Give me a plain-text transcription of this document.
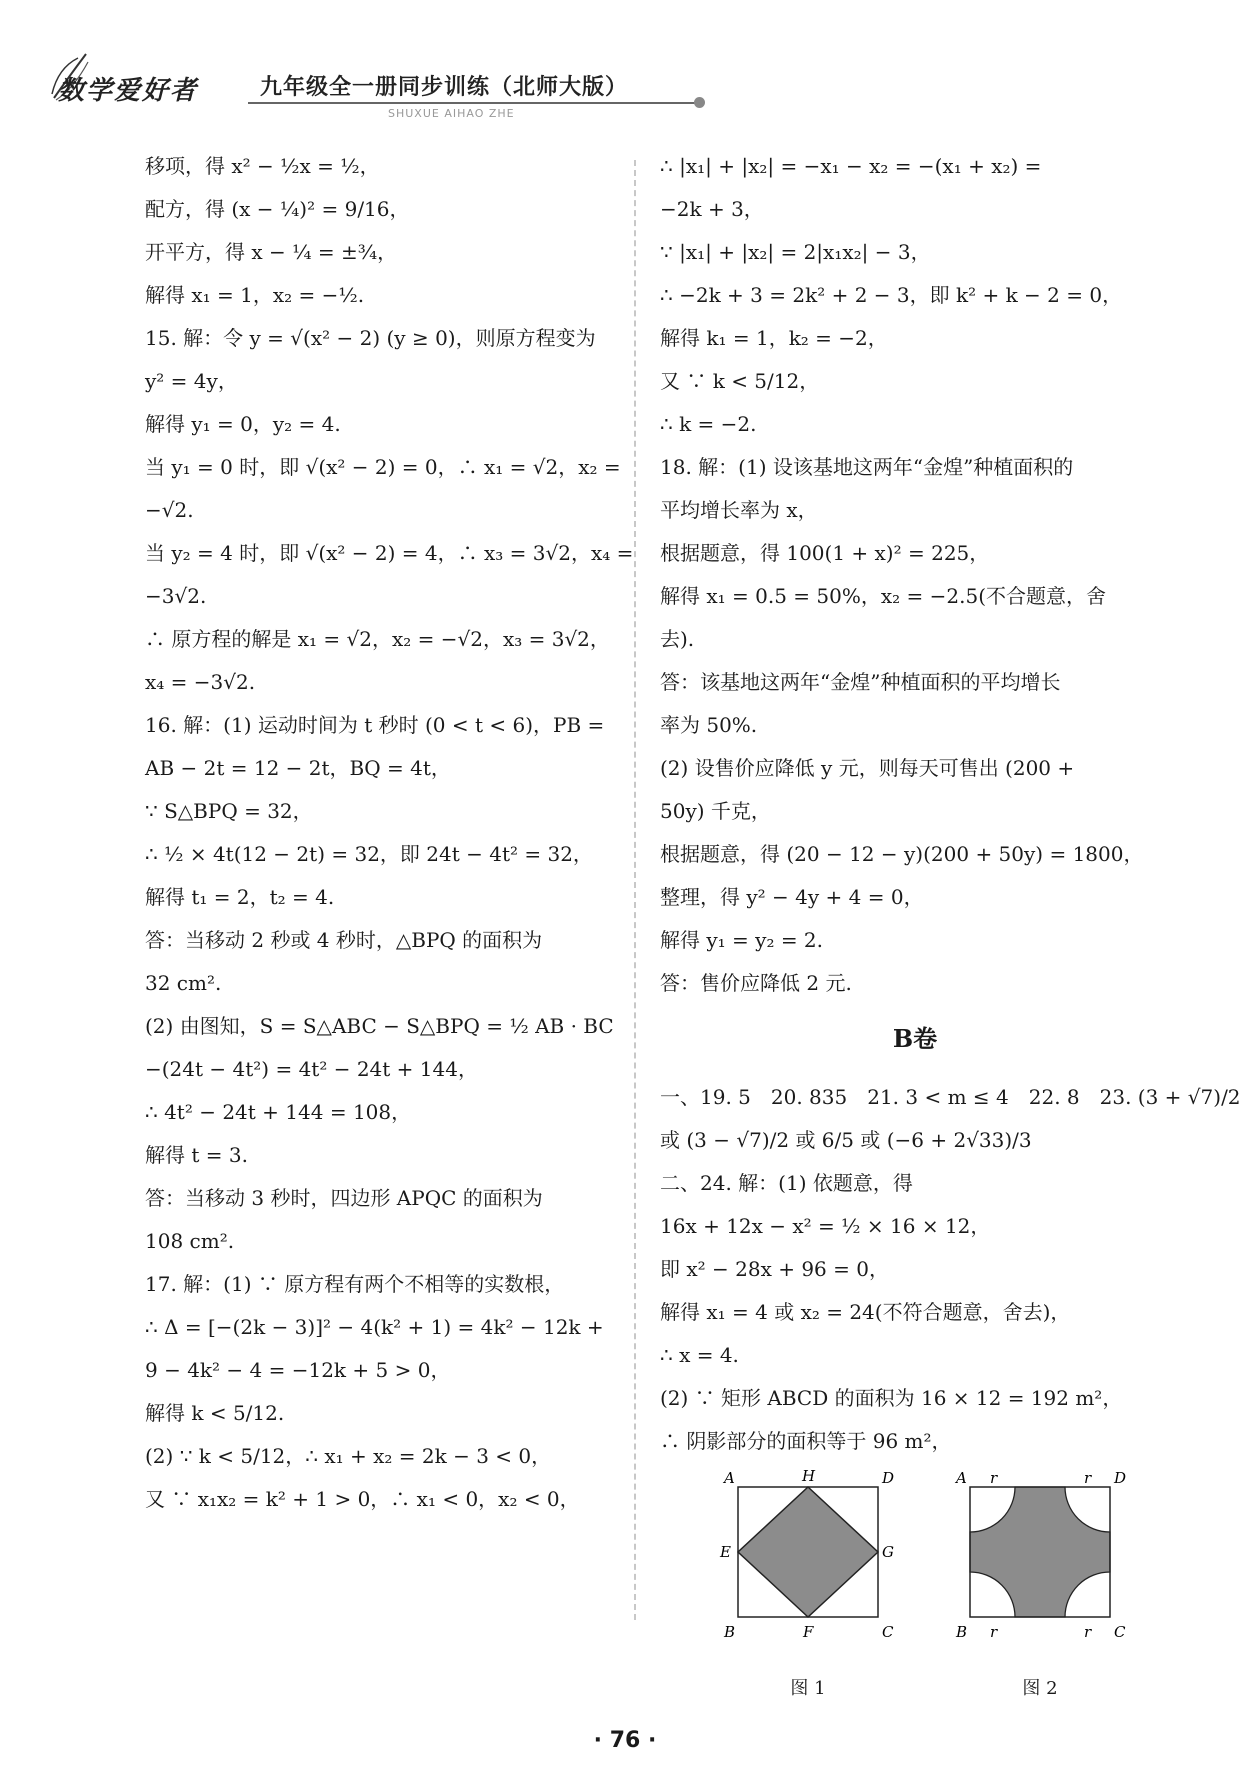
数学爱好者	九年级全一册同步训练（北师大版）
SHUXUE AIHAO ZHE
移项，得 x² − ½x = ½，
配方，得 (x − ¼)² = 9/16，
开平方，得 x − ¼ = ±¾，
解得 x₁ = 1，x₂ = −½.
15. 解：令 y = √(x² − 2) (y ≥ 0)，则原方程变为
y² = 4y，
解得 y₁ = 0，y₂ = 4.
当 y₁ = 0 时，即 √(x² − 2) = 0，∴ x₁ = √2，x₂ =
−√2.
当 y₂ = 4 时，即 √(x² − 2) = 4，∴ x₃ = 3√2，x₄ =
−3√2.
∴ 原方程的解是 x₁ = √2，x₂ = −√2，x₃ = 3√2，
x₄ = −3√2.
16. 解：(1) 运动时间为 t 秒时 (0 < t < 6)，PB =
AB − 2t = 12 − 2t，BQ = 4t，
∵ S△BPQ = 32，
∴ ½ × 4t(12 − 2t) = 32，即 24t − 4t² = 32，
解得 t₁ = 2，t₂ = 4.
答：当移动 2 秒或 4 秒时，△BPQ 的面积为
32 cm².
(2) 由图知，S = S△ABC − S△BPQ = ½ AB · BC
−(24t − 4t²) = 4t² − 24t + 144，
∴ 4t² − 24t + 144 = 108，
解得 t = 3.
答：当移动 3 秒时，四边形 APQC 的面积为
108 cm².
17. 解：(1) ∵ 原方程有两个不相等的实数根，
∴ Δ = [−(2k − 3)]² − 4(k² + 1) = 4k² − 12k +
9 − 4k² − 4 = −12k + 5 > 0，
解得 k < 5/12.
(2) ∵ k < 5/12，∴ x₁ + x₂ = 2k − 3 < 0，
又 ∵ x₁x₂ = k² + 1 > 0，∴ x₁ < 0，x₂ < 0，
∴ |x₁| + |x₂| = −x₁ − x₂ = −(x₁ + x₂) =
−2k + 3，
∵ |x₁| + |x₂| = 2|x₁x₂| − 3，
∴ −2k + 3 = 2k² + 2 − 3，即 k² + k − 2 = 0，
解得 k₁ = 1，k₂ = −2，
又 ∵ k < 5/12，
∴ k = −2.
18. 解：(1) 设该基地这两年“金煌”种植面积的
平均增长率为 x，
根据题意，得 100(1 + x)² = 225，
解得 x₁ = 0.5 = 50%，x₂ = −2.5(不合题意，舍
去).
答：该基地这两年“金煌”种植面积的平均增长
率为 50%.
(2) 设售价应降低 y 元，则每天可售出 (200 +
50y) 千克，
根据题意，得 (20 − 12 − y)(200 + 50y) = 1800，
整理，得 y² − 4y + 4 = 0，
解得 y₁ = y₂ = 2.
答：售价应降低 2 元.
B卷
一、19. 5　20. 835　21. 3 < m ≤ 4　22. 8　23. (3 + √7)/2
或 (3 − √7)/2 或 6/5 或 (−6 + 2√33)/3
二、24. 解：(1) 依题意，得
16x + 12x − x² = ½ × 16 × 12，
即 x² − 28x + 96 = 0，
解得 x₁ = 4 或 x₂ = 24(不符合题意，舍去)，
∴ x = 4.
(2) ∵ 矩形 ABCD 的面积为 16 × 12 = 192 m²，
∴ 阴影部分的面积等于 96 m²，
A	H	D
E	G
B	F	C
图 1
A r	r D
B r	r C
图 2
· 76 ·
